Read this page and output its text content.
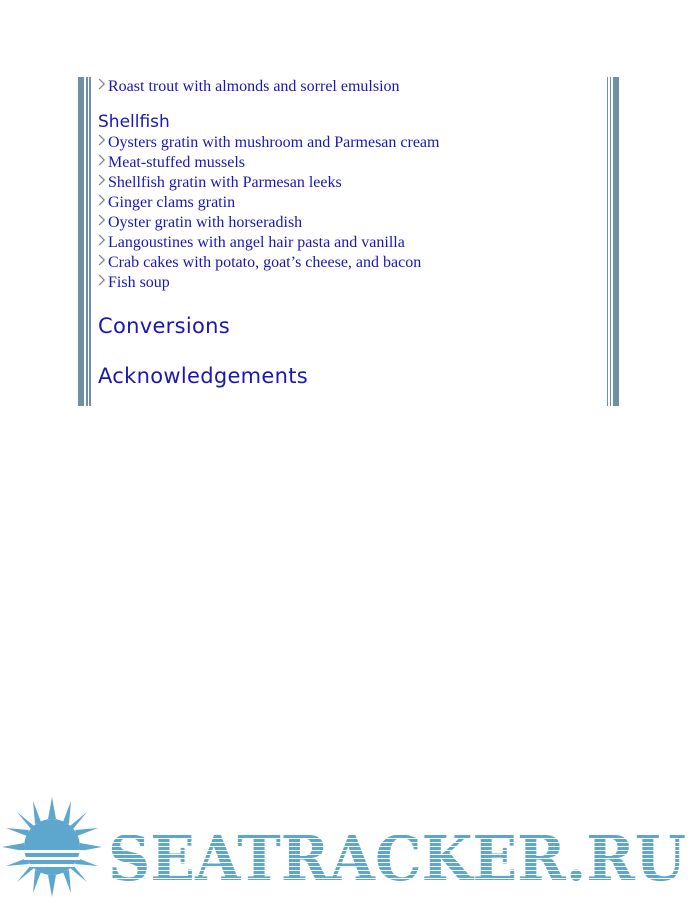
Roast trout with almonds and sorrel emulsion
Shellfish
Oysters gratin with mushroom and Parmesan cream
Meat-stuffed mussels
Shellfish gratin with Parmesan leeks
Ginger clams gratin
Oyster gratin with horseradish
Langoustines with angel hair pasta and vanilla
Crab cakes with potato, goat’s cheese, and bacon
Fish soup
Conversions
Acknowledgements
SEATRACKER.RU
